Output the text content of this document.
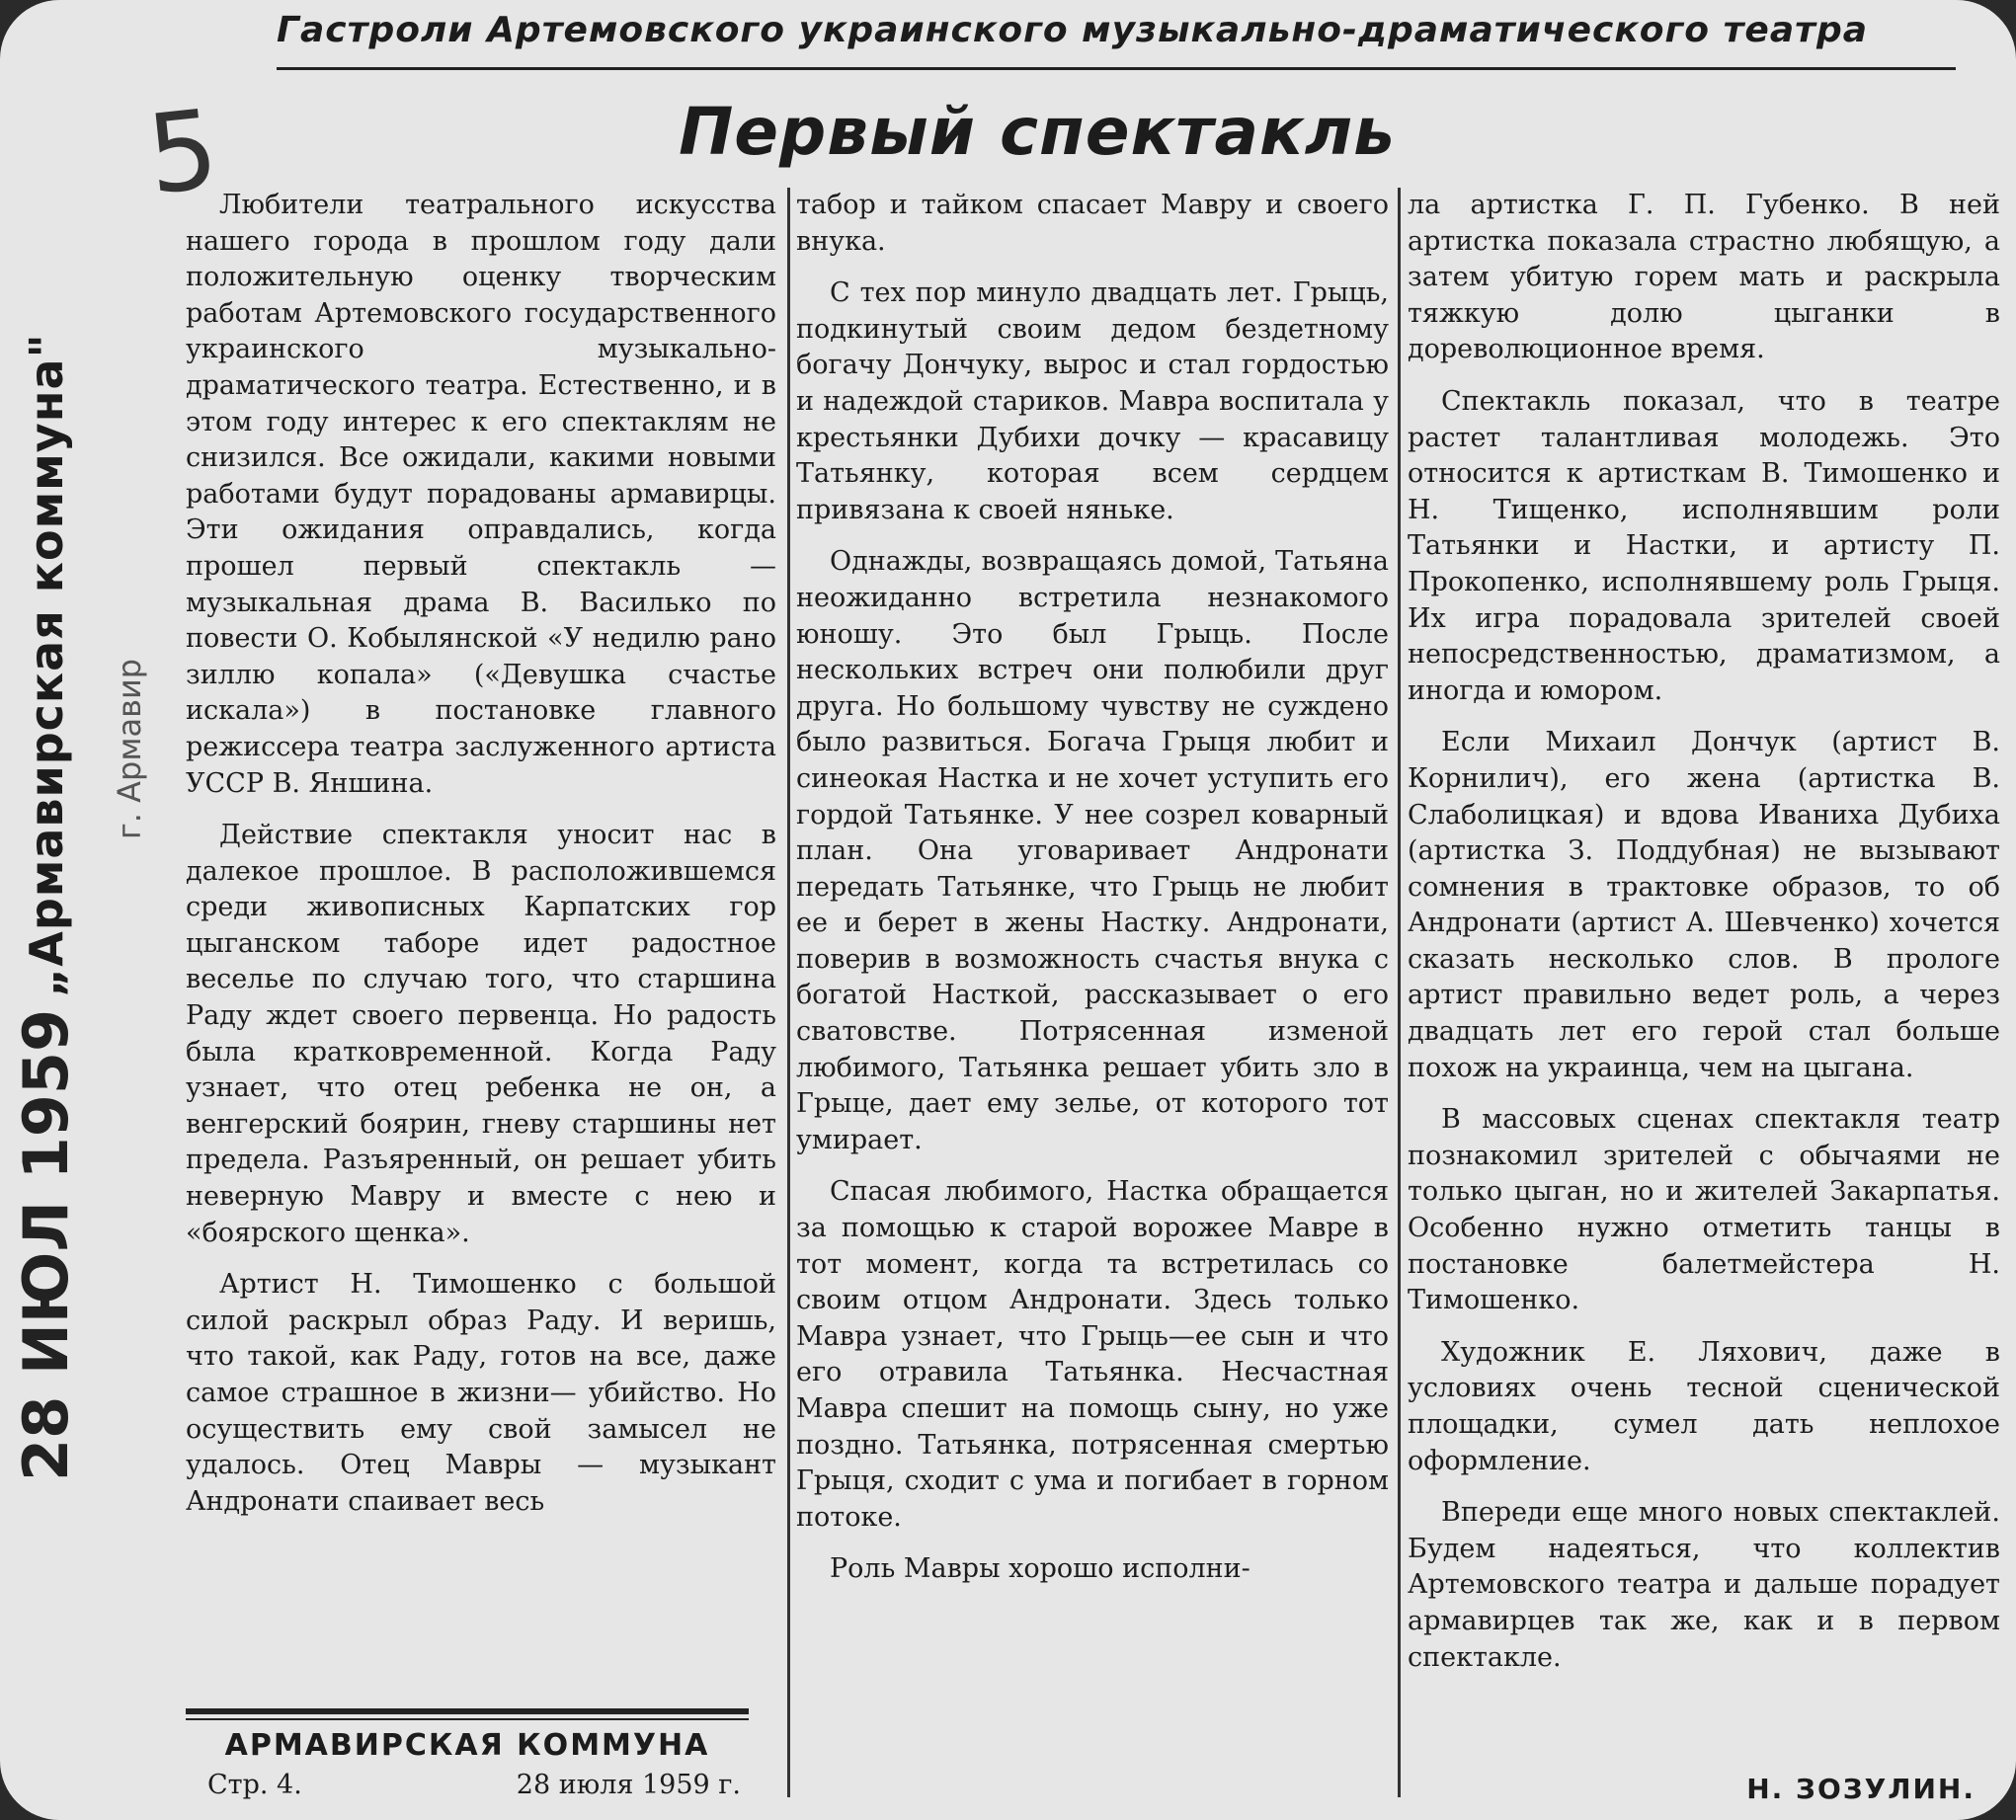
Гастроли Артемовского украинского музыкально-драматического театра
5	Первый спектакль
„Армавирская коммуна" г. Армавир
28 ИЮЛ 1959

Любители театрального искусства нашего города в прошлом году дали положительную оценку творческим работам Артемовского государственного украинского музыкально-драматического театра. Естественно, и в этом году интерес к его спектаклям не снизился. Все ожидали, какими новыми работами будут порадованы армавирцы. Эти ожидания оправдались, когда прошел первый спектакль — музыкальная драма В. Василько по повести О. Кобылянской «У недилю рано зиллю копала» («Девушка счастье искала») в постановке главного режиссера театра заслуженного артиста УССР В. Яншина.

Действие спектакля уносит нас в далекое прошлое. В расположившемся среди живописных Карпатских гор цыганском таборе идет радостное веселье по случаю того, что старшина Раду ждет своего первенца. Но радость была кратковременной. Когда Раду узнает, что отец ребенка не он, а венгерский боярин, гневу старшины нет предела. Разъяренный, он решает убить неверную Мавру и вместе с нею и «боярского щенка».

Артист Н. Тимошенко с большой силой раскрыл образ Раду. И веришь, что такой, как Раду, готов на все, даже самое страшное в жизни— убийство. Но осуществить ему свой замысел не удалось. Отец Мавры — музыкант Андронати спаивает весь

табор и тайком спасает Мавру и своего внука.

С тех пор минуло двадцать лет. Грыць, подкинутый своим дедом бездетному богачу Дончуку, вырос и стал гордостью и надеждой стариков. Мавра воспитала у крестьянки Дубихи дочку — красавицу Татьянку, которая всем сердцем привязана к своей няньке.

Однажды, возвращаясь домой, Татьяна неожиданно встретила незнакомого юношу. Это был Грыць. После нескольких встреч они полюбили друг друга. Но большому чувству не суждено было развиться. Богача Грыця любит и синеокая Настка и не хочет уступить его гордой Татьянке. У нее созрел коварный план. Она уговаривает Андронати передать Татьянке, что Грыць не любит ее и берет в жены Настку. Андронати, поверив в возможность счастья внука с богатой Насткой, рассказывает о его сватовстве. Потрясенная изменой любимого, Татьянка решает убить зло в Грыце, дает ему зелье, от которого тот умирает.

Спасая любимого, Настка обращается за помощью к старой ворожее Мавре в тот момент, когда та встретилась со своим отцом Андронати. Здесь только Мавра узнает, что Грыць—ее сын и что его отравила Татьянка. Несчастная Мавра спешит на помощь сыну, но уже поздно. Татьянка, потрясенная смертью Грыця, сходит с ума и погибает в горном потоке.

Роль Мавры хорошо исполни-

ла артистка Г. П. Губенко. В ней артистка показала страстно любящую, а затем убитую горем мать и раскрыла тяжкую долю цыганки в дореволюционное время.

Спектакль показал, что в театре растет талантливая молодежь. Это относится к артисткам В. Тимошенко и Н. Тищенко, исполнявшим роли Татьянки и Настки, и артисту П. Прокопенко, исполнявшему роль Грыця. Их игра порадовала зрителей своей непосредственностью, драматизмом, а иногда и юмором.

Если Михаил Дончук (артист В. Корнилич), его жена (артистка В. Слаболицкая) и вдова Иваниха Дубиха (артистка З. Поддубная) не вызывают сомнения в трактовке образов, то об Андронати (артист А. Шевченко) хочется сказать несколько слов. В прологе артист правильно ведет роль, а через двадцать лет его герой стал больше похож на украинца, чем на цыгана.

В массовых сценах спектакля театр познакомил зрителей с обычаями не только цыган, но и жителей Закарпатья. Особенно нужно отметить танцы в постановке балетмейстера Н. Тимошенко.

Художник Е. Ляхович, даже в условиях очень тесной сценической площадки, сумел дать неплохое оформление.

Впереди еще много новых спектаклей. Будем надеяться, что коллектив Артемовского театра и дальше порадует армавирцев так же, как и в первом спектакле.

АРМАВИРСКАЯ КОММУНА
Стр. 4.	28 июля 1959 г.	Н. ЗОЗУЛИН.
